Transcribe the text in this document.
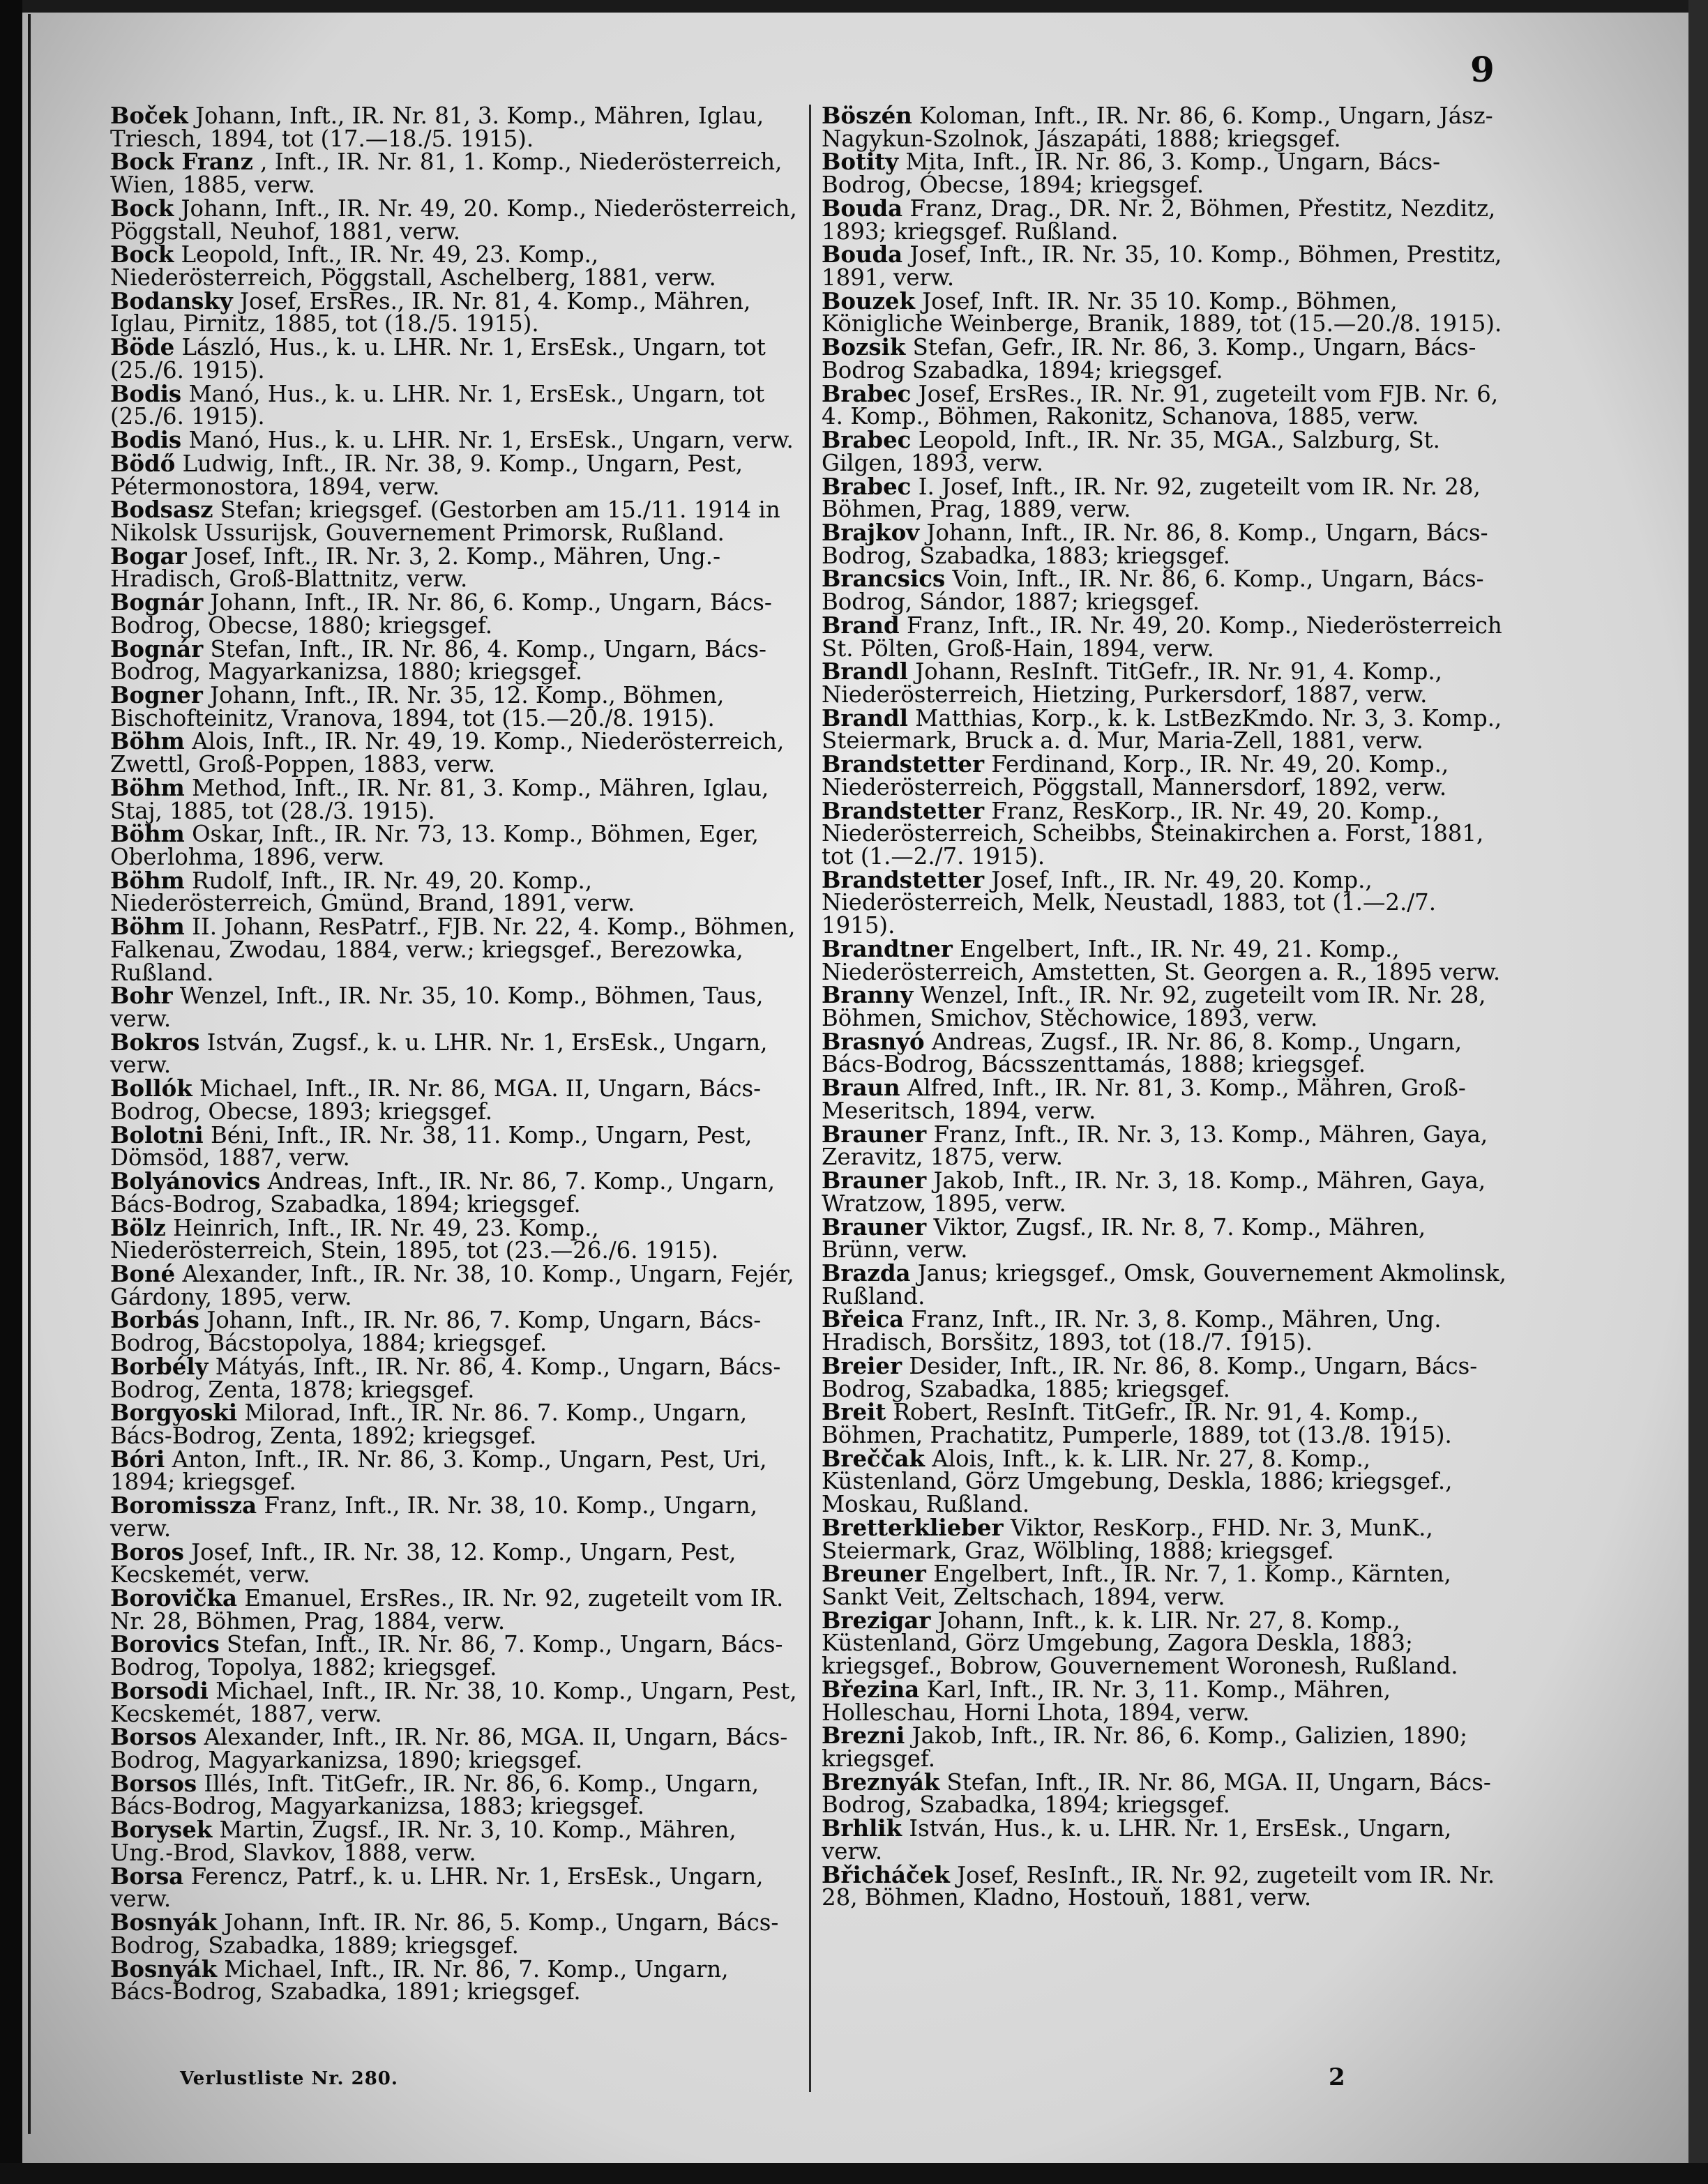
9
Boček Johann, Inft., IR. Nr. 81, 3. Komp., Mähren, Iglau, Triesch, 1894, tot (17.—18./5. 1915).
Bock Franz , Inft., IR. Nr. 81, 1. Komp., Niederösterreich, Wien, 1885, verw.
Bock Johann, Inft., IR. Nr. 49, 20. Komp., Niederösterreich, Pöggstall, Neuhof, 1881, verw.
Bock Leopold, Inft., IR. Nr. 49, 23. Komp., Niederösterreich, Pöggstall, Aschelberg, 1881, verw.
Bodansky Josef, ErsRes., IR. Nr. 81, 4. Komp., Mähren, Iglau, Pirnitz, 1885, tot (18./5. 1915).
Böde László, Hus., k. u. LHR. Nr. 1, ErsEsk., Ungarn, tot (25./6. 1915).
Bodis Manó, Hus., k. u. LHR. Nr. 1, ErsEsk., Ungarn, tot (25./6. 1915).
Bodis Manó, Hus., k. u. LHR. Nr. 1, ErsEsk., Ungarn, verw.
Bödő Ludwig, Inft., IR. Nr. 38, 9. Komp., Ungarn, Pest, Pétermonostora, 1894, verw.
Bodsasz Stefan; kriegsgef. (Gestorben am 15./11. 1914 in Nikolsk Ussurijsk, Gouvernement Primorsk, Rußland.
Bogar Josef, Inft., IR. Nr. 3, 2. Komp., Mähren, Ung.-Hradisch, Groß-Blattnitz, verw.
Bognár Johann, Inft., IR. Nr. 86, 6. Komp., Ungarn, Bács-Bodrog, Obecse, 1880; kriegsgef.
Bognár Stefan, Inft., IR. Nr. 86, 4. Komp., Ungarn, Bács-Bodrog, Magyarkanizsa, 1880; kriegsgef.
Bogner Johann, Inft., IR. Nr. 35, 12. Komp., Böhmen, Bischofteinitz, Vranova, 1894, tot (15.—20./8. 1915).
Böhm Alois, Inft., IR. Nr. 49, 19. Komp., Niederösterreich, Zwettl, Groß-Poppen, 1883, verw.
Böhm Method, Inft., IR. Nr. 81, 3. Komp., Mähren, Iglau, Staj, 1885, tot (28./3. 1915).
Böhm Oskar, Inft., IR. Nr. 73, 13. Komp., Böhmen, Eger, Oberlohma, 1896, verw.
Böhm Rudolf, Inft., IR. Nr. 49, 20. Komp., Niederösterreich, Gmünd, Brand, 1891, verw.
Böhm II. Johann, ResPatrf., FJB. Nr. 22, 4. Komp., Böhmen, Falkenau, Zwodau, 1884, verw.; kriegsgef., Berezowka, Rußland.
Bohr Wenzel, Inft., IR. Nr. 35, 10. Komp., Böhmen, Taus, verw.
Bokros István, Zugsf., k. u. LHR. Nr. 1, ErsEsk., Ungarn, verw.
Bollók Michael, Inft., IR. Nr. 86, MGA. II, Ungarn, Bács-Bodrog, Obecse, 1893; kriegsgef.
Bolotni Béni, Inft., IR. Nr. 38, 11. Komp., Ungarn, Pest, Dömsöd, 1887, verw.
Bolyánovics Andreas, Inft., IR. Nr. 86, 7. Komp., Ungarn, Bács-Bodrog, Szabadka, 1894; kriegsgef.
Bölz Heinrich, Inft., IR. Nr. 49, 23. Komp., Niederösterreich, Stein, 1895, tot (23.—26./6. 1915).
Boné Alexander, Inft., IR. Nr. 38, 10. Komp., Ungarn, Fejér, Gárdony, 1895, verw.
Borbás Johann, Inft., IR. Nr. 86, 7. Komp, Ungarn, Bács-Bodrog, Bácstopolya, 1884; kriegsgef.
Borbély Mátyás, Inft., IR. Nr. 86, 4. Komp., Ungarn, Bács-Bodrog, Zenta, 1878; kriegsgef.
Borgyoski Milorad, Inft., IR. Nr. 86. 7. Komp., Ungarn, Bács-Bodrog, Zenta, 1892; kriegsgef.
Bóri Anton, Inft., IR. Nr. 86, 3. Komp., Ungarn, Pest, Uri, 1894; kriegsgef.
Boromissza Franz, Inft., IR. Nr. 38, 10. Komp., Ungarn, verw.
Boros Josef, Inft., IR. Nr. 38, 12. Komp., Ungarn, Pest, Kecskemét, verw.
Borovička Emanuel, ErsRes., IR. Nr. 92, zugeteilt vom IR. Nr. 28, Böhmen, Prag, 1884, verw.
Borovics Stefan, Inft., IR. Nr. 86, 7. Komp., Ungarn, Bács-Bodrog, Topolya, 1882; kriegsgef.
Borsodi Michael, Inft., IR. Nr. 38, 10. Komp., Ungarn, Pest, Kecskemét, 1887, verw.
Borsos Alexander, Inft., IR. Nr. 86, MGA. II, Ungarn, Bács-Bodrog, Magyarkanizsa, 1890; kriegsgef.
Borsos Illés, Inft. TitGefr., IR. Nr. 86, 6. Komp., Ungarn, Bács-Bodrog, Magyarkanizsa, 1883; kriegsgef.
Borysek Martin, Zugsf., IR. Nr. 3, 10. Komp., Mähren, Ung.-Brod, Slavkov, 1888, verw.
Borsa Ferencz, Patrf., k. u. LHR. Nr. 1, ErsEsk., Ungarn, verw.
Bosnyák Johann, Inft. IR. Nr. 86, 5. Komp., Ungarn, Bács-Bodrog, Szabadka, 1889; kriegsgef.
Bosnyák Michael, Inft., IR. Nr. 86, 7. Komp., Ungarn, Bács-Bodrog, Szabadka, 1891; kriegsgef.
Böszén Koloman, Inft., IR. Nr. 86, 6. Komp., Ungarn, Jász-Nagykun-Szolnok, Jászapáti, 1888; kriegsgef.
Botity Mita, Inft., IR. Nr. 86, 3. Komp., Ungarn, Bács-Bodrog, Óbecse, 1894; kriegsgef.
Bouda Franz, Drag., DR. Nr. 2, Böhmen, Přestitz, Nezditz, 1893; kriegsgef. Rußland.
Bouda Josef, Inft., IR. Nr. 35, 10. Komp., Böhmen, Prestitz, 1891, verw.
Bouzek Josef, Inft. IR. Nr. 35 10. Komp., Böhmen, Königliche Weinberge, Branik, 1889, tot (15.—20./8. 1915).
Bozsik Stefan, Gefr., IR. Nr. 86, 3. Komp., Ungarn, Bács-Bodrog Szabadka, 1894; kriegsgef.
Brabec Josef, ErsRes., IR. Nr. 91, zugeteilt vom FJB. Nr. 6, 4. Komp., Böhmen, Rakonitz, Schanova, 1885, verw.
Brabec Leopold, Inft., IR. Nr. 35, MGA., Salzburg, St. Gilgen, 1893, verw.
Brabec I. Josef, Inft., IR. Nr. 92, zugeteilt vom IR. Nr. 28, Böhmen, Prag, 1889, verw.
Brajkov Johann, Inft., IR. Nr. 86, 8. Komp., Ungarn, Bács-Bodrog, Szabadka, 1883; kriegsgef.
Brancsics Voin, Inft., IR. Nr. 86, 6. Komp., Ungarn, Bács-Bodrog, Sándor, 1887; kriegsgef.
Brand Franz, Inft., IR. Nr. 49, 20. Komp., Niederösterreich St. Pölten, Groß-Hain, 1894, verw.
Brandl Johann, ResInft. TitGefr., IR. Nr. 91, 4. Komp., Niederösterreich, Hietzing, Purkersdorf, 1887, verw.
Brandl Matthias, Korp., k. k. LstBezKmdo. Nr. 3, 3. Komp., Steiermark, Bruck a. d. Mur, Maria-Zell, 1881, verw.
Brandstetter Ferdinand, Korp., IR. Nr. 49, 20. Komp., Niederösterreich, Pöggstall, Mannersdorf, 1892, verw.
Brandstetter Franz, ResKorp., IR. Nr. 49, 20. Komp., Niederösterreich, Scheibbs, Steinakirchen a. Forst, 1881, tot (1.—2./7. 1915).
Brandstetter Josef, Inft., IR. Nr. 49, 20. Komp., Niederösterreich, Melk, Neustadl, 1883, tot (1.—2./7. 1915).
Brandtner Engelbert, Inft., IR. Nr. 49, 21. Komp., Niederösterreich, Amstetten, St. Georgen a. R., 1895 verw.
Branny Wenzel, Inft., IR. Nr. 92, zugeteilt vom IR. Nr. 28, Böhmen, Smichov, Stěchowice, 1893, verw.
Brasnyó Andreas, Zugsf., IR. Nr. 86, 8. Komp., Ungarn, Bács-Bodrog, Bácsszenttamás, 1888; kriegsgef.
Braun Alfred, Inft., IR. Nr. 81, 3. Komp., Mähren, Groß-Meseritsch, 1894, verw.
Brauner Franz, Inft., IR. Nr. 3, 13. Komp., Mähren, Gaya, Zeravitz, 1875, verw.
Brauner Jakob, Inft., IR. Nr. 3, 18. Komp., Mähren, Gaya, Wratzow, 1895, verw.
Brauner Viktor, Zugsf., IR. Nr. 8, 7. Komp., Mähren, Brünn, verw.
Brazda Janus; kriegsgef., Omsk, Gouvernement Akmolinsk, Rußland.
Břeica Franz, Inft., IR. Nr. 3, 8. Komp., Mähren, Ung. Hradisch, Borsšitz, 1893, tot (18./7. 1915).
Breier Desider, Inft., IR. Nr. 86, 8. Komp., Ungarn, Bács-Bodrog, Szabadka, 1885; kriegsgef.
Breit Robert, ResInft. TitGefr., IR. Nr. 91, 4. Komp., Böhmen, Prachatitz, Pumperle, 1889, tot (13./8. 1915).
Breččak Alois, Inft., k. k. LIR. Nr. 27, 8. Komp., Küstenland, Görz Umgebung, Deskla, 1886; kriegsgef., Moskau, Rußland.
Bretterklieber Viktor, ResKorp., FHD. Nr. 3, MunK., Steiermark, Graz, Wölbling, 1888; kriegsgef.
Breuner Engelbert, Inft., IR. Nr. 7, 1. Komp., Kärnten, Sankt Veit, Zeltschach, 1894, verw.
Brezigar Johann, Inft., k. k. LIR. Nr. 27, 8. Komp., Küstenland, Görz Umgebung, Zagora Deskla, 1883; kriegsgef., Bobrow, Gouvernement Woronesh, Rußland.
Březina Karl, Inft., IR. Nr. 3, 11. Komp., Mähren, Holleschau, Horni Lhota, 1894, verw.
Brezni Jakob, Inft., IR. Nr. 86, 6. Komp., Galizien, 1890; kriegsgef.
Breznyák Stefan, Inft., IR. Nr. 86, MGA. II, Ungarn, Bács-Bodrog, Szabadka, 1894; kriegsgef.
Brhlik István, Hus., k. u. LHR. Nr. 1, ErsEsk., Ungarn, verw.
Břicháček Josef, ResInft., IR. Nr. 92, zugeteilt vom IR. Nr. 28, Böhmen, Kladno, Hostouň, 1881, verw.
Verlustliste Nr. 280.	2
